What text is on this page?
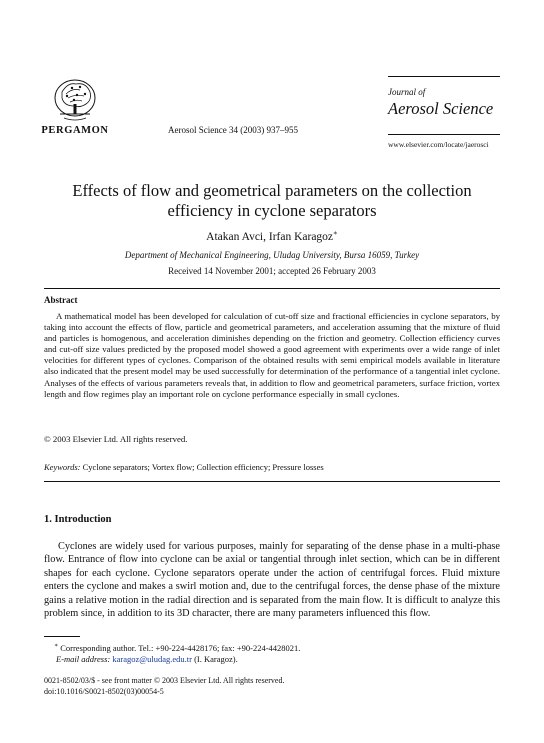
PERGAMON	Aerosol Science 34 (2003) 937–955
Journal of
Aerosol Science
www.elsevier.com/locate/jaerosci
Effects of flow and geometrical parameters on the collection efficiency in cyclone separators
Atakan Avci, Irfan Karagoz∗
Department of Mechanical Engineering, Uludag University, Bursa 16059, Turkey
Received 14 November 2001; accepted 26 February 2003
Abstract
A mathematical model has been developed for calculation of cut-off size and fractional efficiencies in cyclone separators, by taking into account the effects of flow, particle and geometrical parameters, and acceleration assuming that the mixture of fluid and particles is homogenous, and acceleration diminishes depending on the friction and geometry. Collection efficiency curves and cut-off size values predicted by the proposed model showed a good agreement with experiments over a wide range of inlet velocities for different types of cyclones. Comparison of the obtained results with semi empirical models available in literature also indicated that the present model may be used successfully for determination of the performance of a tangential inlet cyclone. Analyses of the effects of various parameters reveals that, in addition to flow and geometrical parameters, surface friction, vortex length and flow regimes play an important role on cyclone performance especially in small cyclones.
© 2003 Elsevier Ltd. All rights reserved.
Keywords: Cyclone separators; Vortex flow; Collection efficiency; Pressure losses
1. Introduction
Cyclones are widely used for various purposes, mainly for separating of the dense phase in a multi-phase flow. Entrance of flow into cyclone can be axial or tangential through inlet section, which can be in different shapes for each cyclone. Cyclone separators operate under the action of centrifugal forces. Fluid mixture enters the cyclone and makes a swirl motion and, due to the centrifugal forces, the dense phase of the mixture gains a relative motion in the radial direction and is separated from the main flow. It is difficult to analyze this problem since, in addition to its 3D character, there are many parameters influenced this flow.
∗ Corresponding author. Tel.: +90-224-4428176; fax: +90-224-4428021.
E-mail address: karagoz@uludag.edu.tr (I. Karagoz).
0021-8502/03/$ - see front matter © 2003 Elsevier Ltd. All rights reserved.
doi:10.1016/S0021-8502(03)00054-5
